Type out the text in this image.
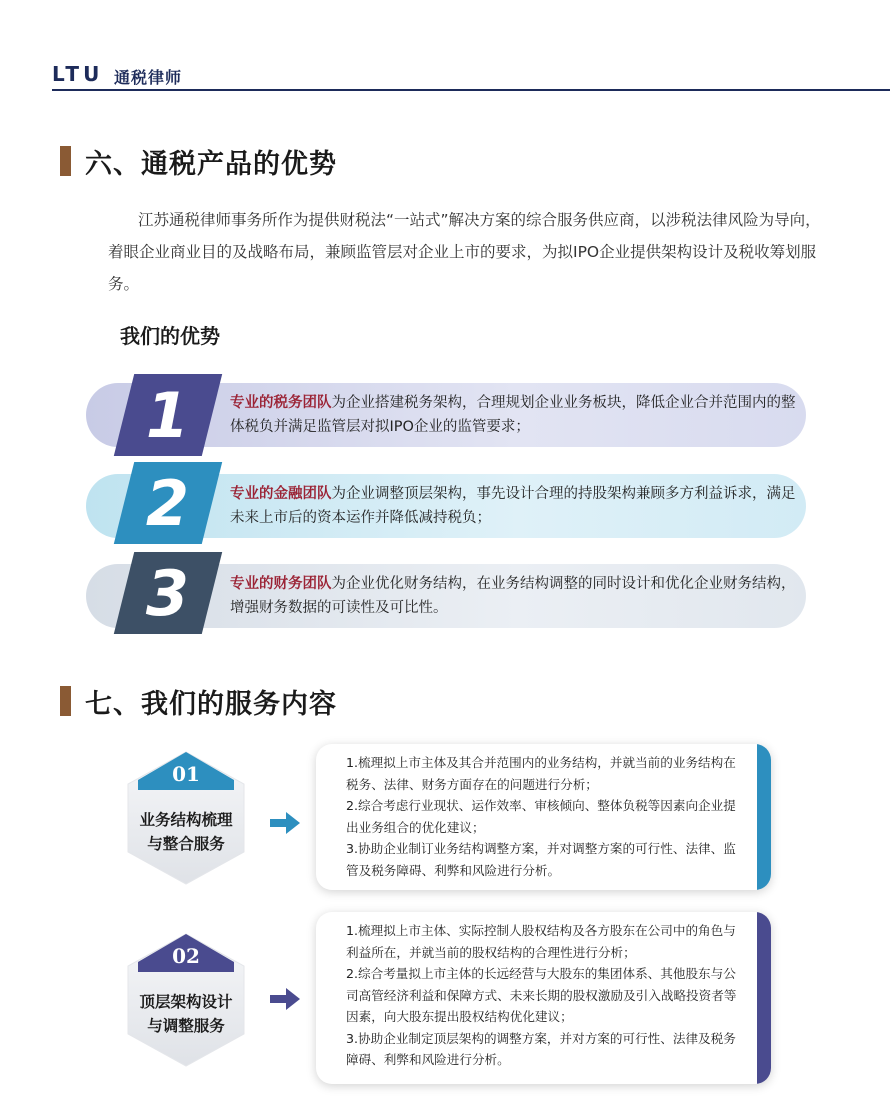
LTU 通税律师
六、通税产品的优势

江苏通税律师事务所作为提供财税法“一站式”解决方案的综合服务供应商，以涉税法律风险为导向，着眼企业商业目的及战略布局，兼顾监管层对企业上市的要求，为拟IPO企业提供架构设计及税收筹划服务。

我们的优势
1	专业的税务团队为企业搭建税务架构，合理规划企业业务板块，降低企业合并范围内的整体税负并满足监管层对拟IPO企业的监管要求；
2	专业的金融团队为企业调整顶层架构，事先设计合理的持股架构兼顾多方利益诉求，满足未来上市后的资本运作并降低减持税负；
3	专业的财务团队为企业优化财务结构，在业务结构调整的同时设计和优化企业财务结构，增强财务数据的可读性及可比性。
七、我们的服务内容
01
业务结构梳理
与整合服务
1.梳理拟上市主体及其合并范围内的业务结构，并就当前的业务结构在税务、法律、财务方面存在的问题进行分析；
2.综合考虑行业现状、运作效率、审核倾向、整体负税等因素向企业提出业务组合的优化建议；
3.协助企业制订业务结构调整方案，并对调整方案的可行性、法律、监管及税务障碍、利弊和风险进行分析。
02
顶层架构设计
与调整服务
1.梳理拟上市主体、实际控制人股权结构及各方股东在公司中的角色与利益所在，并就当前的股权结构的合理性进行分析；
2.综合考量拟上市主体的长远经营与大股东的集团体系、其他股东与公司高管经济利益和保障方式、未来长期的股权激励及引入战略投资者等因素，向大股东提出股权结构优化建议；
3.协助企业制定顶层架构的调整方案，并对方案的可行性、法律及税务障碍、利弊和风险进行分析。
